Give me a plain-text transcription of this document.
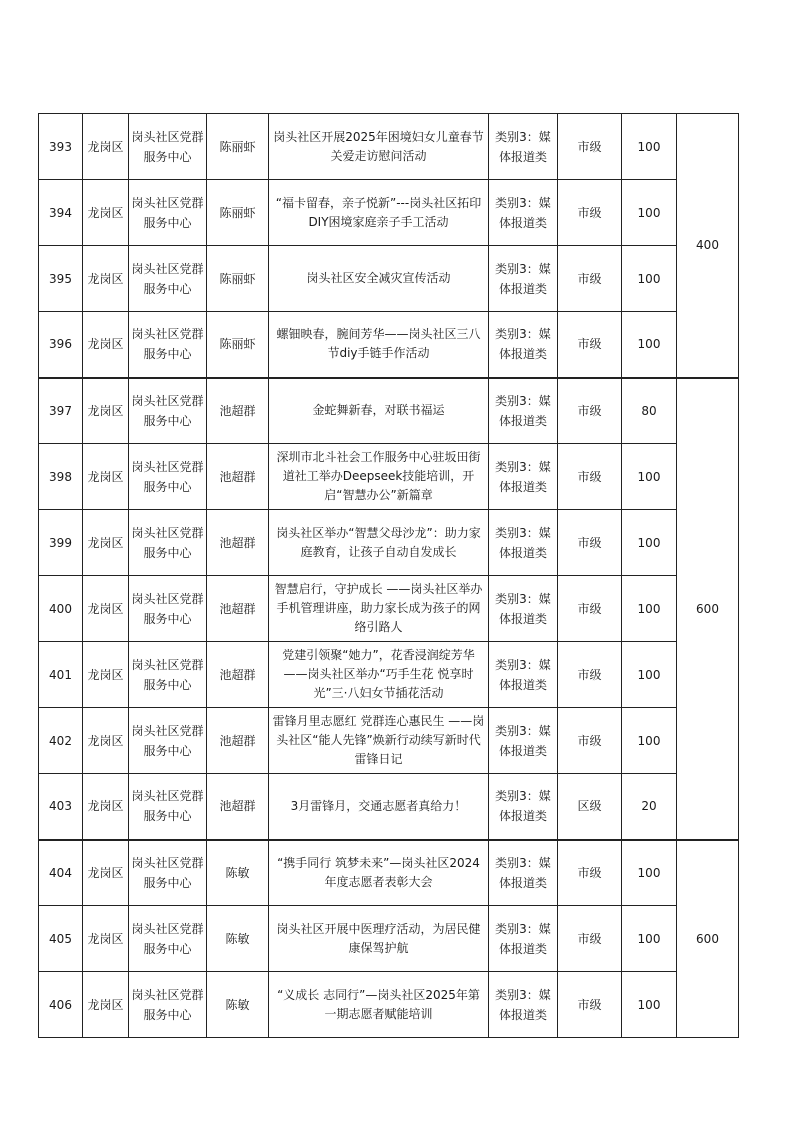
393	龙岗区	岗头社区党群服务中心	陈丽虾	岗头社区开展2025年困境妇女儿童春节关爱走访慰问活动	类别3：媒体报道类	市级	100	400
394	龙岗区	岗头社区党群服务中心	陈丽虾	“福卡留春，亲子悦新”---岗头社区拓印DIY困境家庭亲子手工活动	类别3：媒体报道类	市级	100	
395	龙岗区	岗头社区党群服务中心	陈丽虾	岗头社区安全减灾宣传活动	类别3：媒体报道类	市级	100	
396	龙岗区	岗头社区党群服务中心	陈丽虾	螺钿映春，腕间芳华——岗头社区三八节diy手链手作活动	类别3：媒体报道类	市级	100	
397	龙岗区	岗头社区党群服务中心	池超群	金蛇舞新春，对联书福运	类别3：媒体报道类	市级	80	600
398	龙岗区	岗头社区党群服务中心	池超群	深圳市北斗社会工作服务中心驻坂田街道社工举办Deepseek技能培训，开启“智慧办公”新篇章	类别3：媒体报道类	市级	100	
399	龙岗区	岗头社区党群服务中心	池超群	岗头社区举办“智慧父母沙龙”：助力家庭教育，让孩子自动自发成长	类别3：媒体报道类	市级	100	
400	龙岗区	岗头社区党群服务中心	池超群	智慧启行，守护成长 ——岗头社区举办手机管理讲座，助力家长成为孩子的网络引路人	类别3：媒体报道类	市级	100	
401	龙岗区	岗头社区党群服务中心	池超群	党建引领聚“她力”，花香浸润绽芳华 ——岗头社区举办“巧手生花 悦享时光”三·八妇女节插花活动	类别3：媒体报道类	市级	100	
402	龙岗区	岗头社区党群服务中心	池超群	雷锋月里志愿红 党群连心惠民生 ——岗头社区“能人先锋”焕新行动续写新时代雷锋日记	类别3：媒体报道类	市级	100	
403	龙岗区	岗头社区党群服务中心	池超群	3月雷锋月，交通志愿者真给力！	类别3：媒体报道类	区级	20	
404	龙岗区	岗头社区党群服务中心	陈敏	“携手同行 筑梦未来”—岗头社区2024年度志愿者表彰大会	类别3：媒体报道类	市级	100	600
405	龙岗区	岗头社区党群服务中心	陈敏	岗头社区开展中医理疗活动，为居民健康保驾护航	类别3：媒体报道类	市级	100	
406	龙岗区	岗头社区党群服务中心	陈敏	“义成长 志同行”—岗头社区2025年第一期志愿者赋能培训	类别3：媒体报道类	市级	100	
